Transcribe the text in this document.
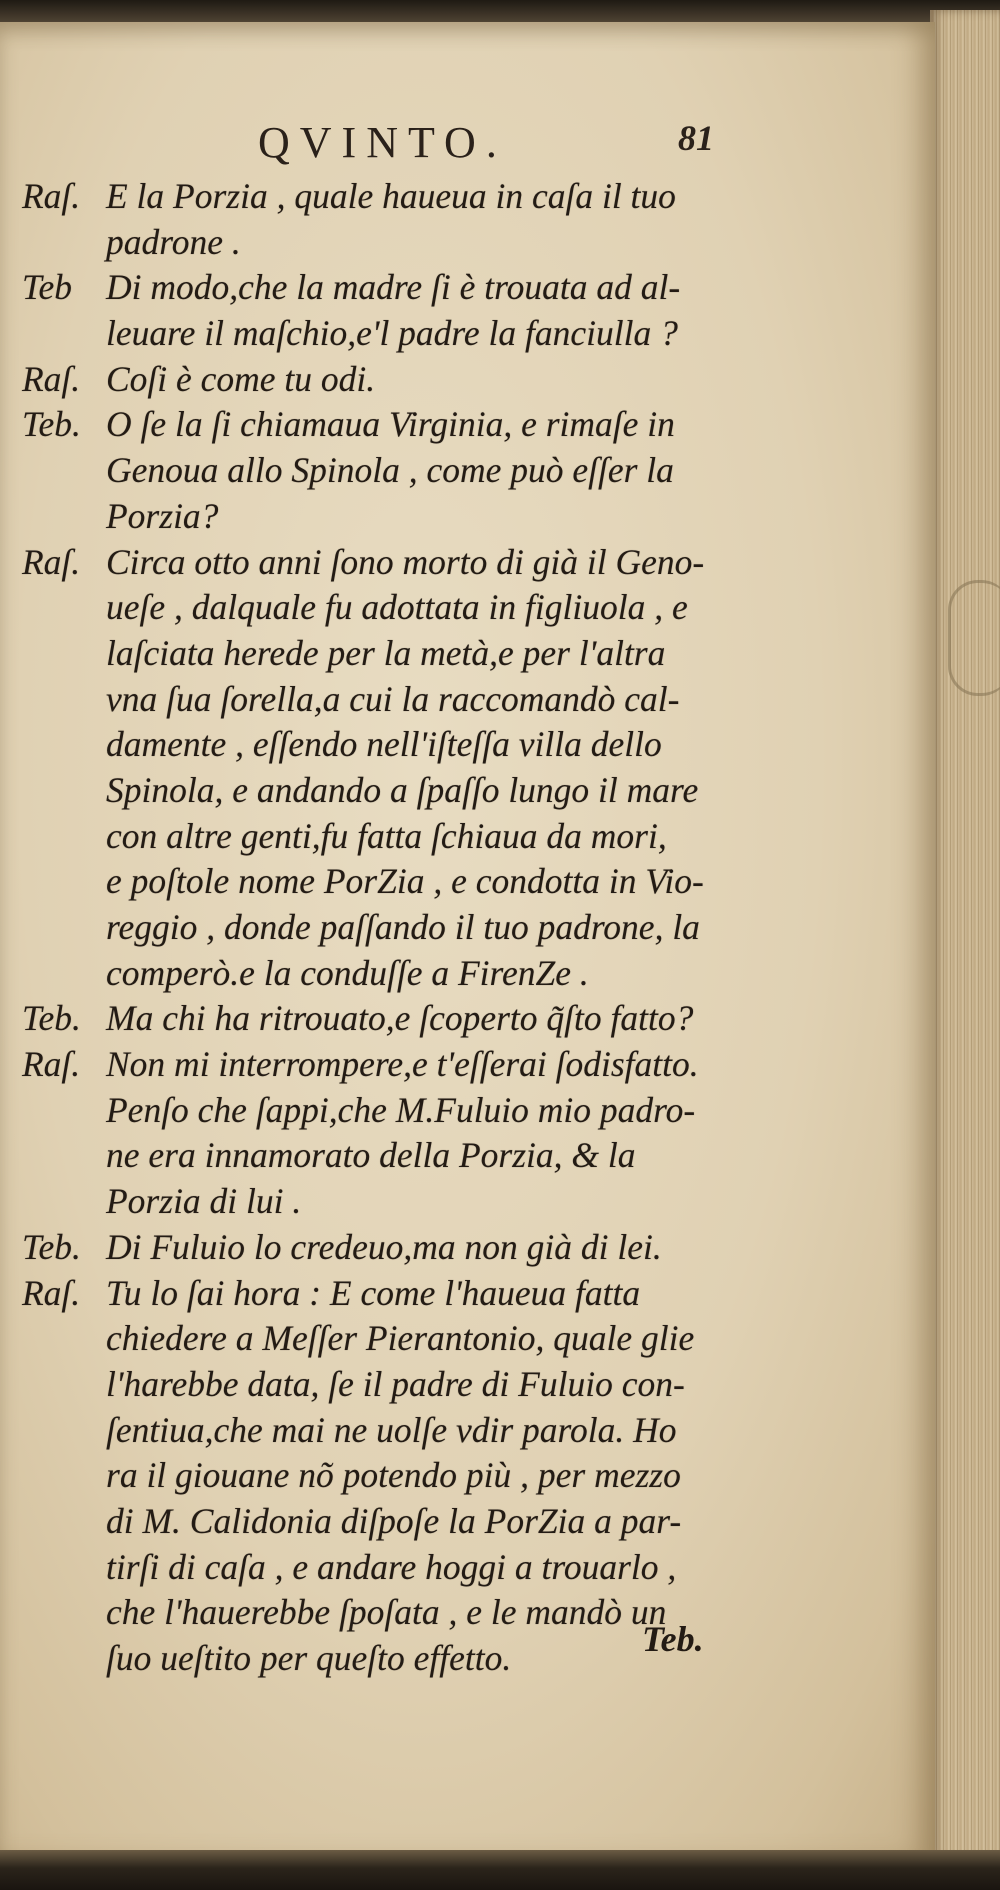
QVINTO.	81
Raſ. E la Porzia , quale haueua in caſa il tuo
padrone .
Teb Di modo,che la madre ſi è trouata ad al-
leuare il maſchio,e'l padre la fanciulla ?
Raſ. Coſi è come tu odi.
Teb. O ſe la ſi chiamaua Virginia, e rimaſe in
Genoua allo Spinola , come può eſſer la
Porzia?
Raſ. Circa otto anni ſono morto di già il Geno-
ueſe , dalquale fu adottata in figliuola , e
laſciata herede per la metà,e per l'altra
vna ſua ſorella,a cui la raccomandò cal-
damente , eſſendo nell'iſteſſa villa dello
Spinola, e andando a ſpaſſo lungo il mare
con altre genti,fu fatta ſchiaua da mori,
e poſtole nome PorZia , e condotta in Vio-
reggio , donde paſſando il tuo padrone, la
comperò.e la conduſſe a FirenZe .
Teb. Ma chi ha ritrouato,e ſcoperto q̃ſto fatto?
Raſ. Non mi interrompere,e t'eſſerai ſodisfatto.
Penſo che ſappi,che M.Fuluio mio padro-
ne era innamorato della Porzia, & la
Porzia di lui .
Teb. Di Fuluio lo credeuo,ma non già di lei.
Raſ. Tu lo ſai hora : E come l'haueua fatta
chiedere a Meſſer Pierantonio, quale glie
l'harebbe data, ſe il padre di Fuluio con-
ſentiua,che mai ne uolſe vdir parola. Ho
ra il giouane nõ potendo più , per mezzo
di M. Calidonia diſpoſe la PorZia a par-
tirſi di caſa , e andare hoggi a trouarlo ,
che l'hauerebbe ſpoſata , e le mandò un
ſuo ueſtito per queſto effetto.	Teb.
